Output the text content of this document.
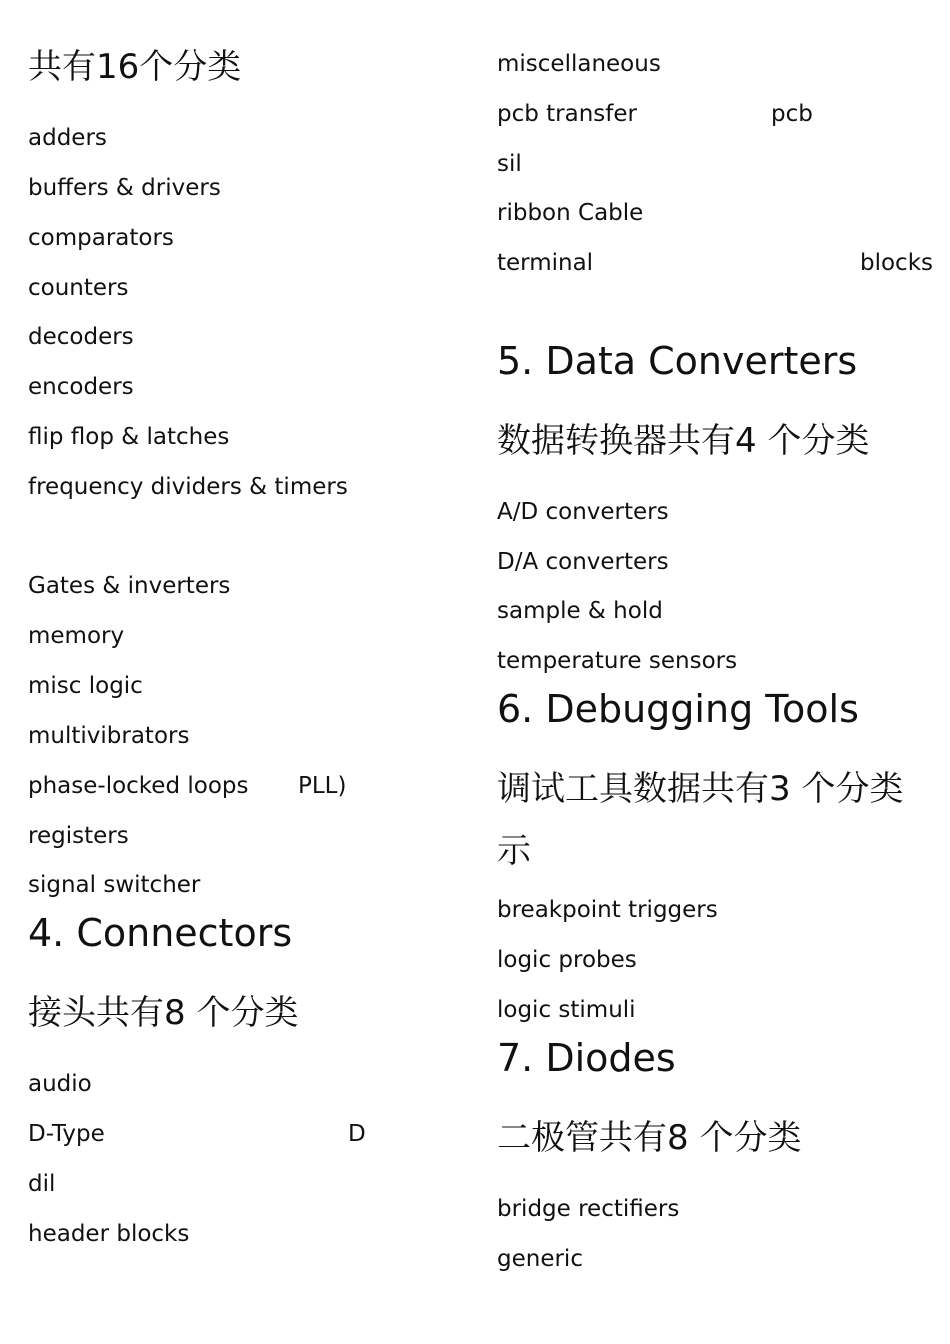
共有16个分类
adders
buffers & drivers
comparators
counters
decoders
encoders
flip flop & latches
frequency dividers & timers
Gates & inverters
memory
misc logic
multivibrators
phase-locked loops PLL)
registers
signal switcher
4. Connectors
接头共有8 个分类
audio
D-Type	D
dil
header blocks
miscellaneous
pcb transfer	pcb
sil
ribbon Cable
terminal	blocks
5. Data Converters
数据转换器共有4 个分类
A/D converters
D/A converters
sample & hold
temperature sensors
6. Debugging Tools
调试工具数据共有3 个分类
示
breakpoint triggers
logic probes
logic stimuli
7. Diodes
二极管共有8 个分类
bridge rectifiers
generic
